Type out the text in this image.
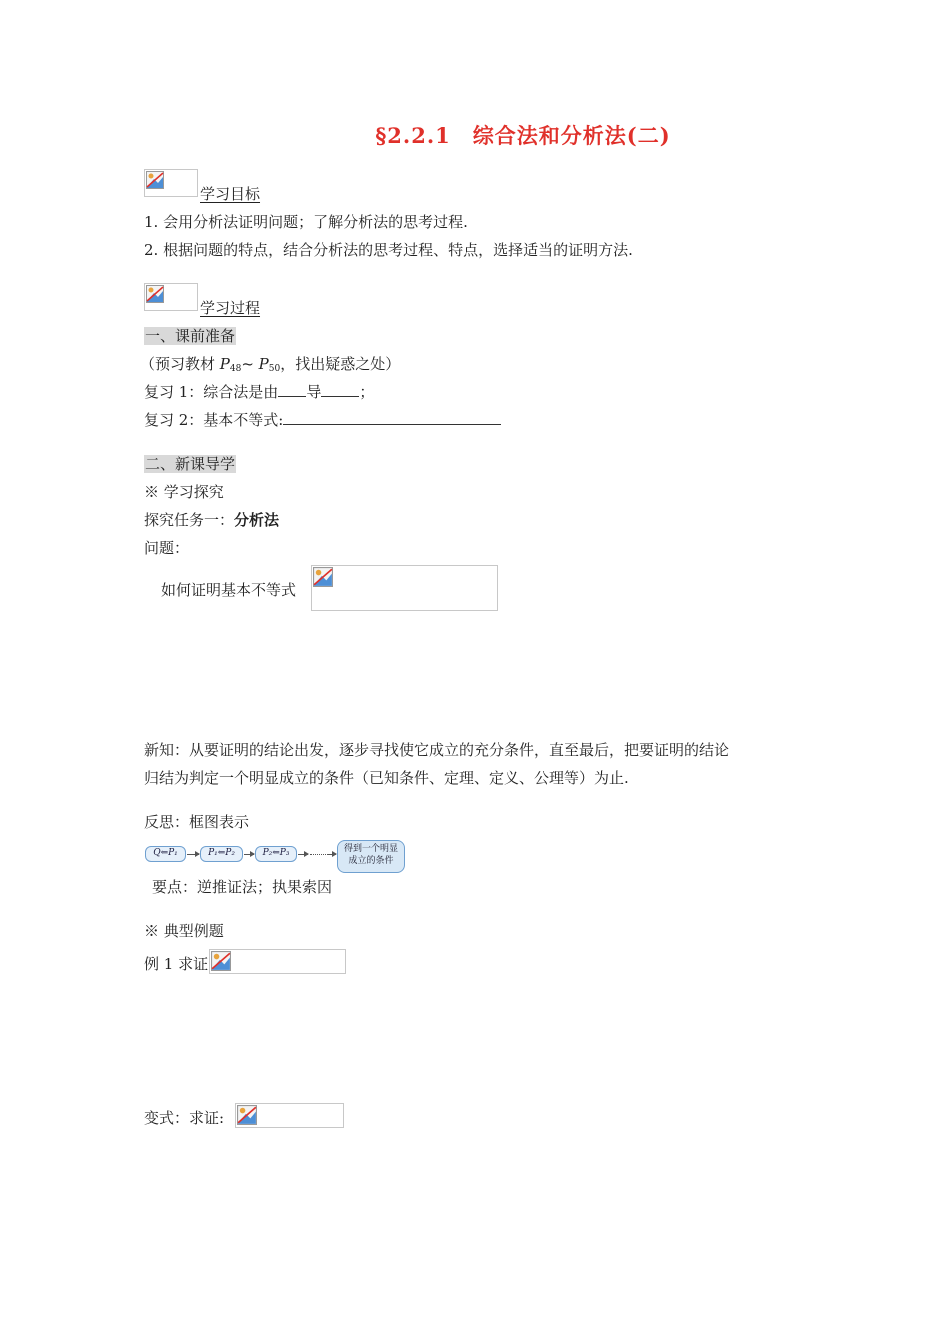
§2.2.1 综合法和分析法(二)
学习目标
1. 会用分析法证明问题；了解分析法的思考过程.
2. 根据问题的特点，结合分析法的思考过程、特点，选择适当的证明方法.
学习过程
一、课前准备
（预习教材 $P_{48}\sim$ $P_{50}$，找出疑惑之处）
复习 1：综合法是由 导	；
复习 2：基本不等式:
二、新课导学
※ 学习探究
探究任务一：分析法
问题：
如何证明基本不等式
新知：从要证明的结论出发，逐步寻找使它成立的充分条件，直至最后，把要证明的结论
归结为判定一个明显成立的条件（已知条件、定理、定义、公理等）为止.
反思：框图表示
Q⇐P₁	P₁⇐P₂	P₂⇐P₃	得到一个明显
成立的条件
要点：逆推证法；执果索因
※ 典型例题
例 1 求证
变式：求证:
